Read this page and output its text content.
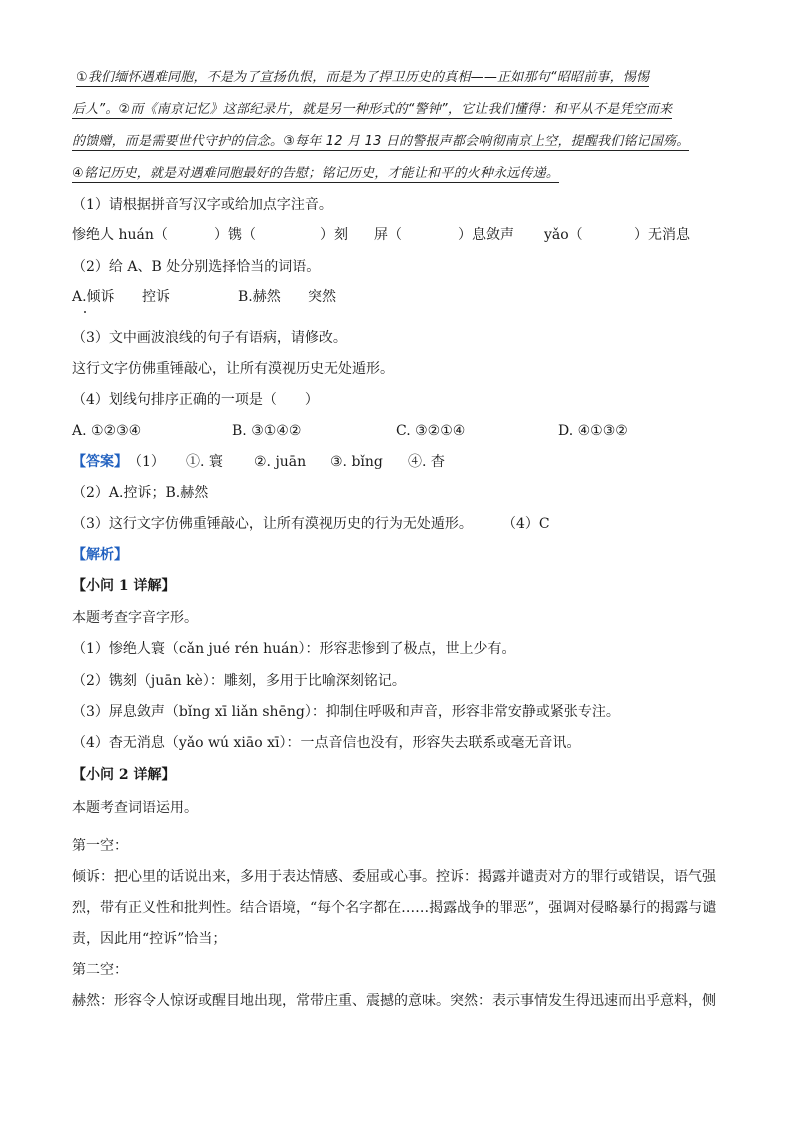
①我们缅怀遇难同胞，不是为了宣扬仇恨，而是为了捍卫历史的真相——正如那句“昭昭前事，惕惕
后人”。②而《南京记忆》这部纪录片，就是另一种形式的“警钟”，它让我们懂得：和平从不是凭空而来
的馈赠，而是需要世代守护的信念。③每年 12 月 13 日的警报声都会响彻南京上空，提醒我们铭记国殇。
④铭记历史，就是对遇难同胞最好的告慰；铭记历史，才能让和平的火种永远传递。
（1）请根据拼音写汉字或给加点字注音。
惨绝人 huán（	）镌（	）刻 屏（	）息敛声 yǎo（	）无消息
（2）给 A、B 处分别选择恰当的词语。
A.倾诉 控诉	B.赫然 突然
（3）文中画波浪线的句子有语病，请修改。
这行文字仿佛重锤敲心，让所有漠视历史无处遁形。
（4）划线句排序正确的一项是（　　）
A. ①②③④	B. ③①④②	C. ③②①④	D. ④①③②
【答案】 （1） ①. 寰 ②. juān ③. bǐng ④. 杳
（2）A.控诉；B.赫然
（3）这行文字仿佛重锤敲心，让所有漠视历史的行为无处遁形。 （4）C
【解析】
【小问 1 详解】
本题考查字音字形。
（1）惨绝人寰（cǎn jué rén huán）：形容悲惨到了极点，世上少有。
（2）镌刻（juān kè）：雕刻，多用于比喻深刻铭记。
（3）屏息敛声（bǐng xī liǎn shēng）：抑制住呼吸和声音，形容非常安静或紧张专注。
（4）杳无消息（yǎo wú xiāo xī）：一点音信也没有，形容失去联系或毫无音讯。
【小问 2 详解】
本题考查词语运用。
第一空：
倾诉：把心里的话说出来，多用于表达情感、委屈或心事。控诉：揭露并谴责对方的罪行或错误，语气强
烈，带有正义性和批判性。结合语境，“每个名字都在……揭露战争的罪恶”，强调对侵略暴行的揭露与谴
责，因此用“控诉”恰当；
第二空：
赫然：形容令人惊讶或醒目地出现，常带庄重、震撼的意味。突然：表示事情发生得迅速而出乎意料，侧
